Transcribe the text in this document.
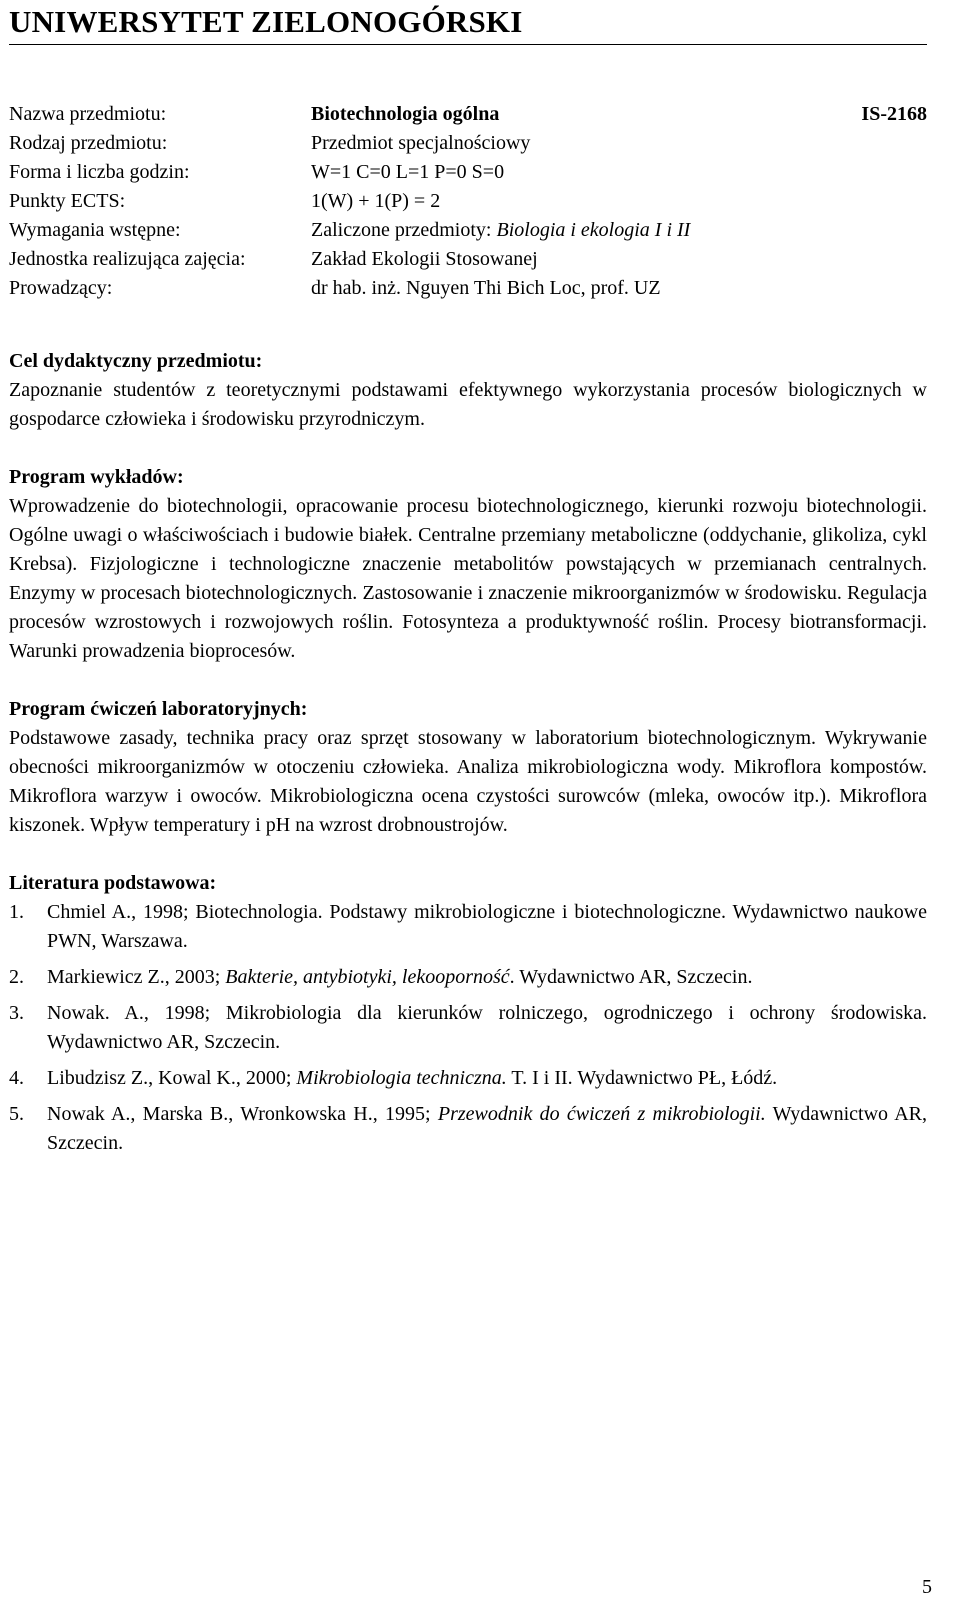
UNIWERSYTET ZIELONOGÓRSKI
Nazwa przedmiotu:	Biotechnologia ogólna	IS-2168
Rodzaj przedmiotu:	Przedmiot specjalnościowy
Forma i liczba godzin:	W=1 C=0 L=1 P=0 S=0
Punkty ECTS:	1(W) + 1(P) = 2
Wymagania wstępne:	Zaliczone przedmioty: Biologia i ekologia I i II
Jednostka realizująca zajęcia:	Zakład Ekologii Stosowanej
Prowadzący:	dr hab. inż. Nguyen Thi Bich Loc, prof. UZ
Cel dydaktyczny przedmiotu:

Zapoznanie studentów z teoretycznymi podstawami efektywnego wykorzystania procesów biologicznych w gospodarce człowieka i środowisku przyrodniczym.

Program wykładów:

Wprowadzenie do biotechnologii, opracowanie procesu biotechnologicznego, kierunki rozwoju biotechnologii. Ogólne uwagi o właściwościach i budowie białek. Centralne przemiany metaboliczne (oddychanie, glikoliza, cykl Krebsa). Fizjologiczne i technologiczne znaczenie metabolitów powstających w przemianach centralnych. Enzymy w procesach biotechnologicznych. Zastosowanie i znaczenie mikroorganizmów w środowisku. Regulacja procesów wzrostowych i rozwojowych roślin. Fotosynteza a produktywność roślin. Procesy biotransformacji. Warunki prowadzenia bioprocesów.

Program ćwiczeń laboratoryjnych:

Podstawowe zasady, technika pracy oraz sprzęt stosowany w laboratorium biotechnologicznym. Wykrywanie obecności mikroorganizmów w otoczeniu człowieka. Analiza mikrobiologiczna wody. Mikroflora kompostów. Mikroflora warzyw i owoców. Mikrobiologiczna ocena czystości surowców (mleka, owoców itp.). Mikroflora kiszonek. Wpływ temperatury i pH na wzrost drobnoustrojów.

Literatura podstawowa:
1.	Chmiel A., 1998; Biotechnologia. Podstawy mikrobiologiczne i biotechnologiczne. Wydawnictwo naukowe PWN, Warszawa.
2.	Markiewicz Z., 2003; Bakterie, antybiotyki, lekooporność. Wydawnictwo AR, Szczecin.
3.	Nowak. A., 1998; Mikrobiologia dla kierunków rolniczego, ogrodniczego i ochrony środowiska. Wydawnictwo AR, Szczecin.
4.	Libudzisz Z., Kowal K., 2000; Mikrobiologia techniczna. T. I i II. Wydawnictwo PŁ, Łódź.
5.	Nowak A., Marska B., Wronkowska H., 1995; Przewodnik do ćwiczeń z mikrobiologii. Wydawnictwo AR, Szczecin.
5
